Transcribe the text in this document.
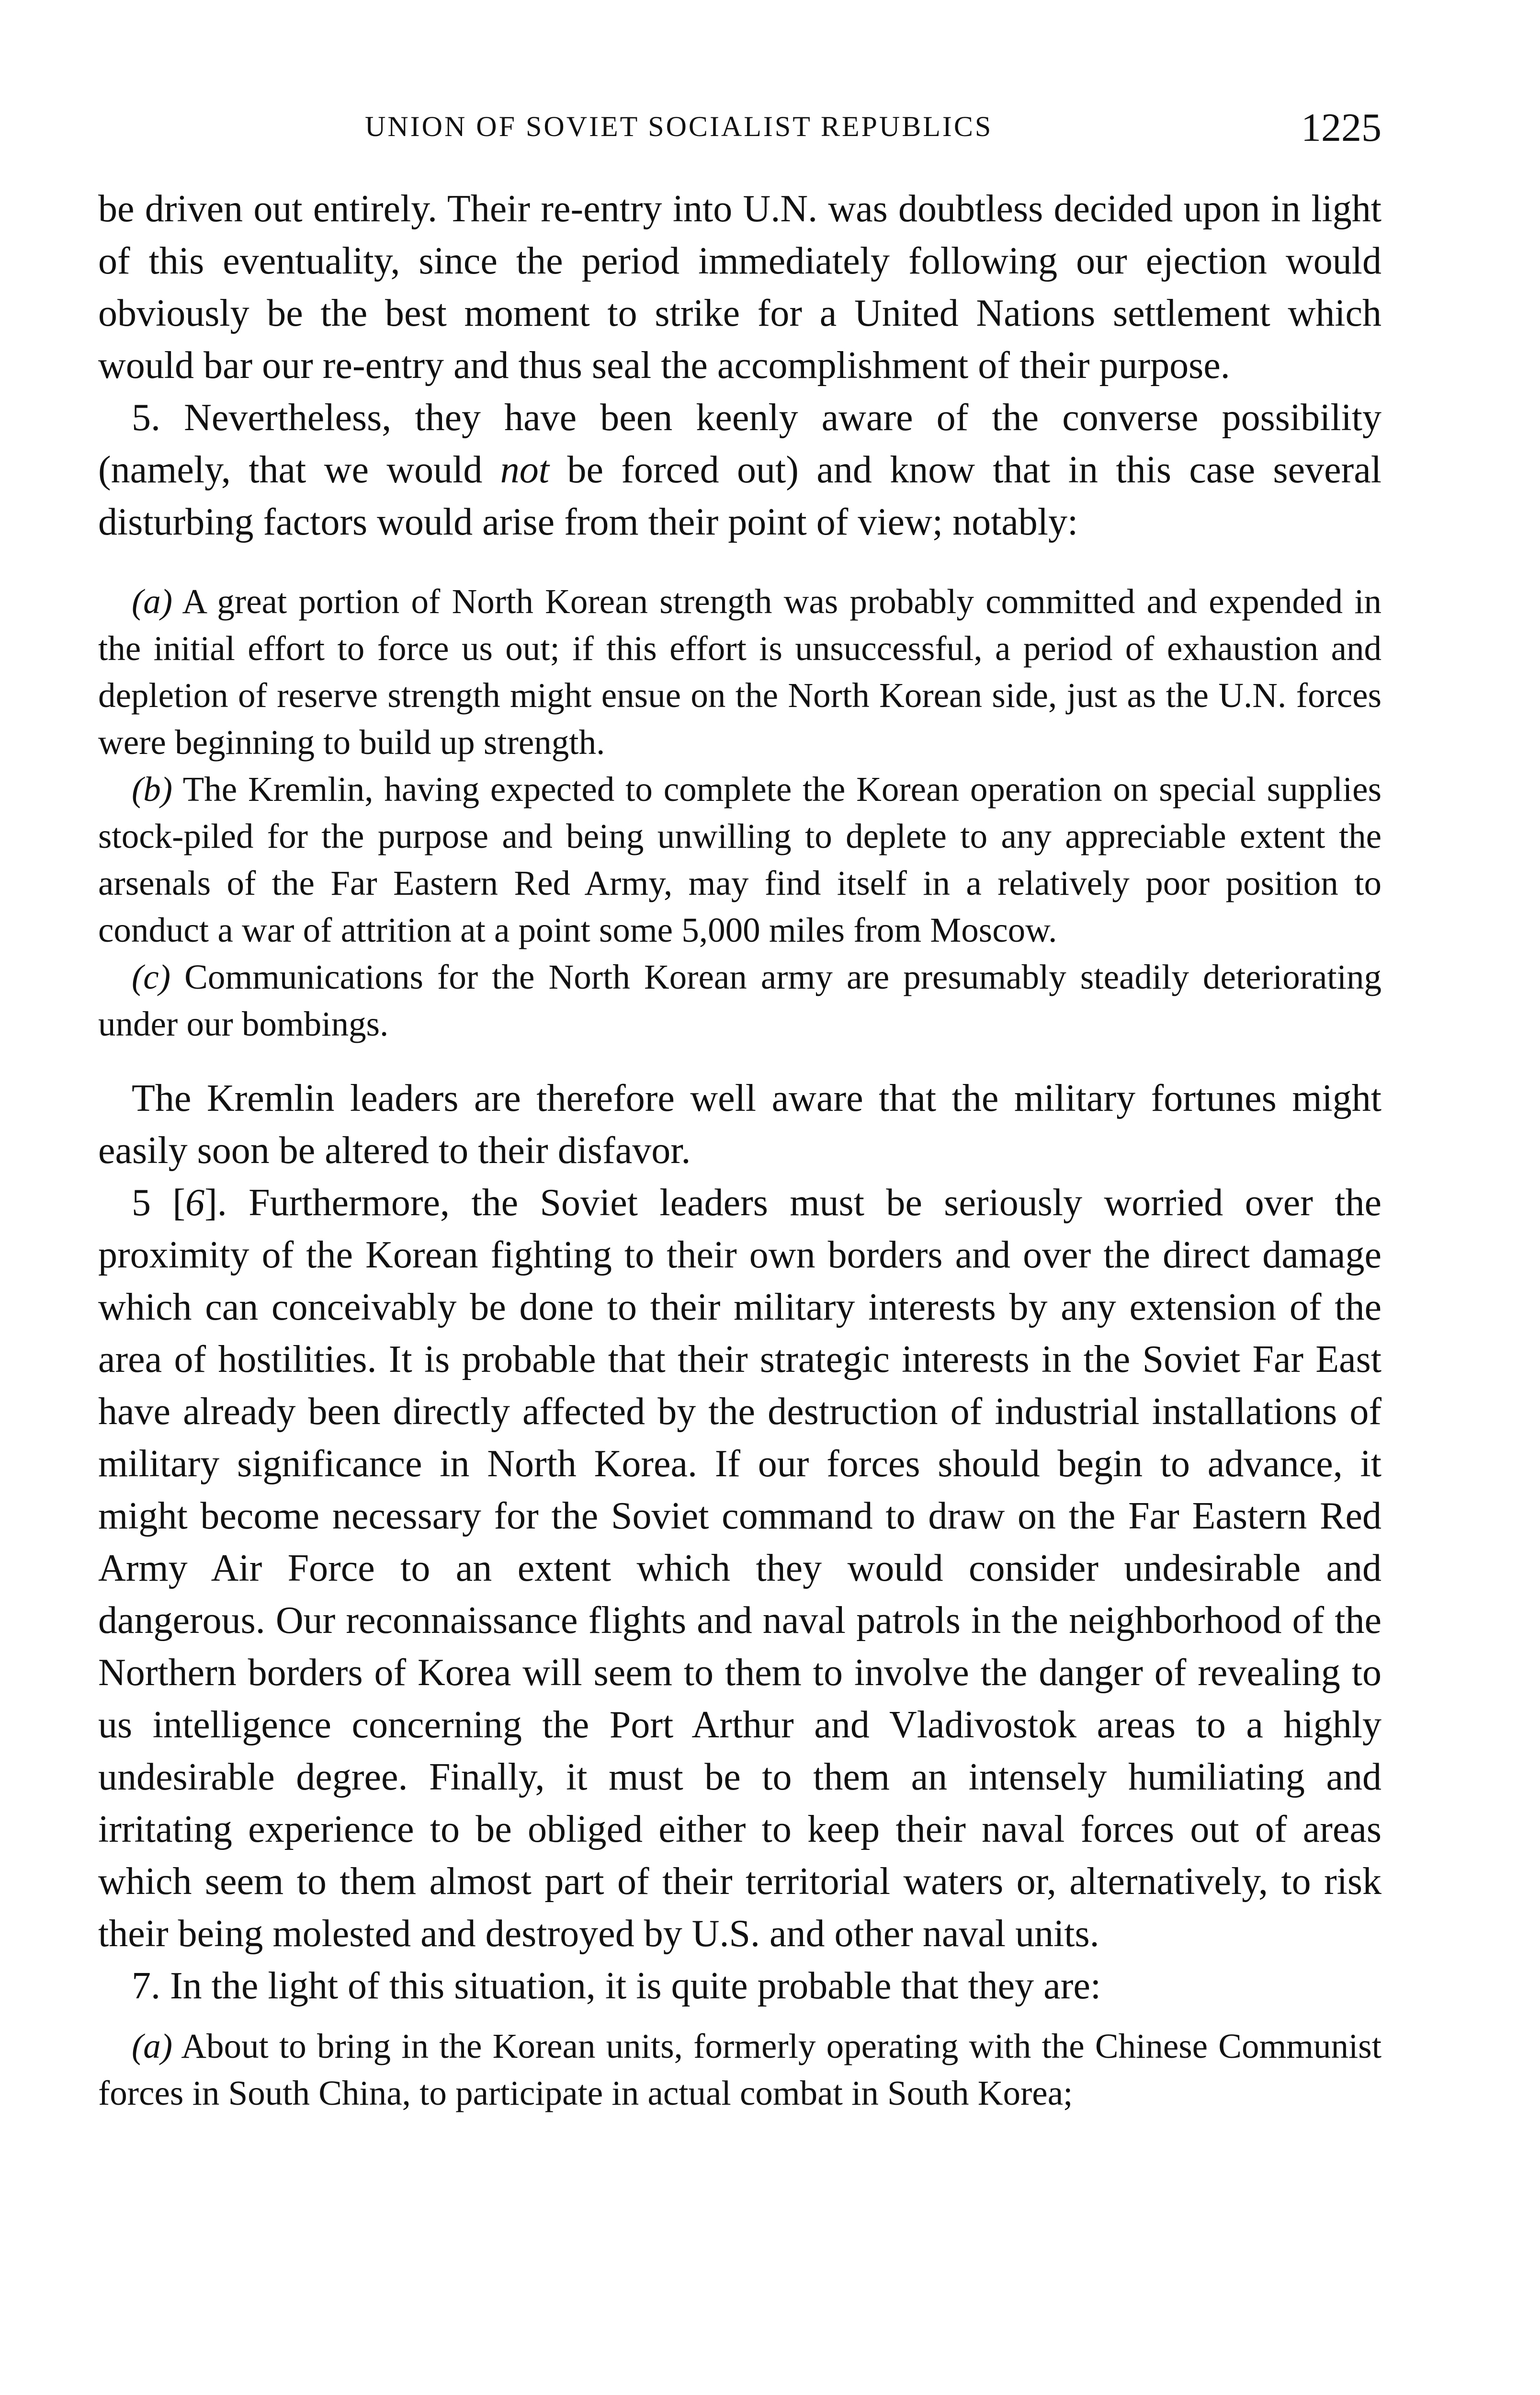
UNION OF SOVIET SOCIALIST REPUBLICS	1225

be driven out entirely. Their re-entry into U.N. was doubtless decided upon in light of this eventuality, since the period immediately following our ejection would obviously be the best moment to strike for a United Nations settlement which would bar our re-entry and thus seal the accomplishment of their purpose.

5. Nevertheless, they have been keenly aware of the converse possibility (namely, that we would not be forced out) and know that in this case several disturbing factors would arise from their point of view; notably:

(a) A great portion of North Korean strength was probably committed and expended in the initial effort to force us out; if this effort is unsuccessful, a period of exhaustion and depletion of reserve strength might ensue on the North Korean side, just as the U.N. forces were beginning to build up strength.

(b) The Kremlin, having expected to complete the Korean operation on special supplies stock-piled for the purpose and being unwilling to deplete to any appreciable extent the arsenals of the Far Eastern Red Army, may find itself in a relatively poor position to conduct a war of attrition at a point some 5,000 miles from Moscow.

(c) Communications for the North Korean army are presumably steadily deteriorating under our bombings.

The Kremlin leaders are therefore well aware that the military fortunes might easily soon be altered to their disfavor.

5 [6]. Furthermore, the Soviet leaders must be seriously worried over the proximity of the Korean fighting to their own borders and over the direct damage which can conceivably be done to their military interests by any extension of the area of hostilities. It is probable that their strategic interests in the Soviet Far East have already been directly affected by the destruction of industrial installations of military significance in North Korea. If our forces should begin to advance, it might become necessary for the Soviet command to draw on the Far Eastern Red Army Air Force to an extent which they would consider undesirable and dangerous. Our reconnaissance flights and naval patrols in the neighborhood of the Northern borders of Korea will seem to them to involve the danger of revealing to us intelligence concerning the Port Arthur and Vladivostok areas to a highly undesirable degree. Finally, it must be to them an intensely humiliating and irritating experience to be obliged either to keep their naval forces out of areas which seem to them almost part of their territorial waters or, alternatively, to risk their being molested and destroyed by U.S. and other naval units.

7. In the light of this situation, it is quite probable that they are:

(a) About to bring in the Korean units, formerly operating with the Chinese Communist forces in South China, to participate in actual combat in South Korea;
